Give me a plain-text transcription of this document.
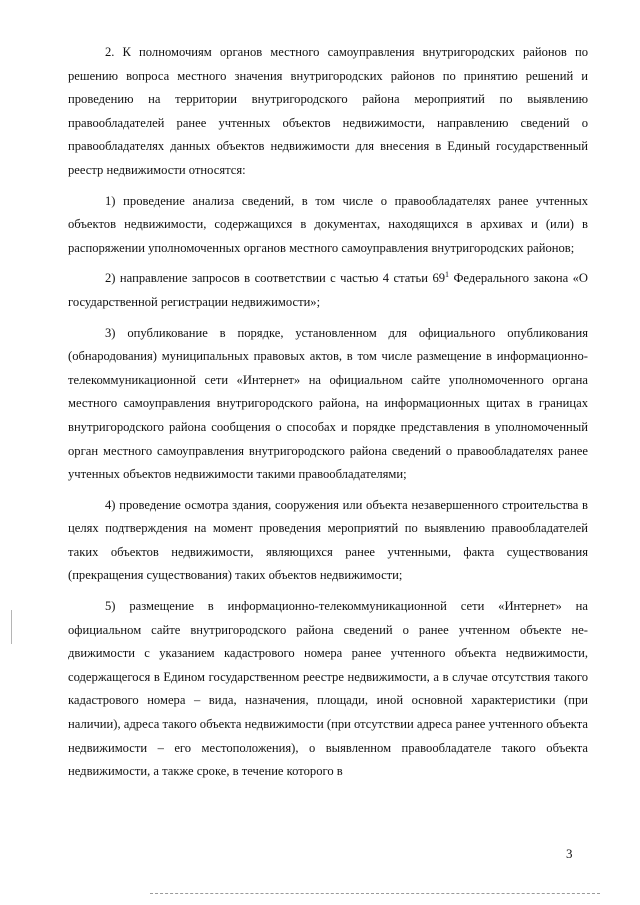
2. К полномочиям органов местного самоуправления внутригородских районов по решению вопроса местного значения внутригородских районов по принятию решений и проведению на территории внутригородского района мероприятий по выявлению правообладателей ранее учтенных объектов недвижимости, направлению сведений о правообладателях данных объектов недвижимости для внесения в Единый государственный реестр недвижимости относятся:

1) проведение анализа сведений, в том числе о правообладателях ранее учтенных объектов недвижимости, содержащихся в документах, находящихся в архивах и (или) в распоряжении уполномоченных органов местного самоуправления внутригородских районов;

2) направление запросов в соответствии с частью 4 статьи $69^1$ Федерального закона «О государственной регистрации недвижимости»;

3) опубликование в порядке, установленном для официального опубликования (обнародования) муниципальных правовых актов, в том числе размещение в информационно-телекоммуникационной сети «Интернет» на официальном сайте уполномоченного органа местного самоуправления внутригородского района, на информационных щитах в границах внутригородского района сообщения о способах и порядке представления в уполномоченный орган местного самоуправления внутригородского района сведений о правообладателях ранее учтенных объектов недвижимости такими правообладателями;

4) проведение осмотра здания, сооружения или объекта незавершенного строительства в целях подтверждения на момент проведения мероприятий по выявлению правообладателей таких объектов недвижимости, являющихся ранее учтенными, факта существования (прекращения существования) таких объектов недвижимости;

5) размещение в информационно-телекоммуникационной сети «Интернет» на официальном сайте внутригородского района сведений о ранее учтенном объекте недвижимости с указанием кадастрового номера ранее учтенного объекта недвижимости, содержащегося в Едином государственном реестре недвижимости, а в случае отсутствия такого кадастрового номера – вида, назначения, площади, иной основной характеристики (при наличии), адреса такого объекта недвижимости (при отсутствии адреса ранее учтенного объекта недвижимости – его местоположения), о выявленном правообладателе такого объекта недвижимости, а также сроке, в течение которого в

3
